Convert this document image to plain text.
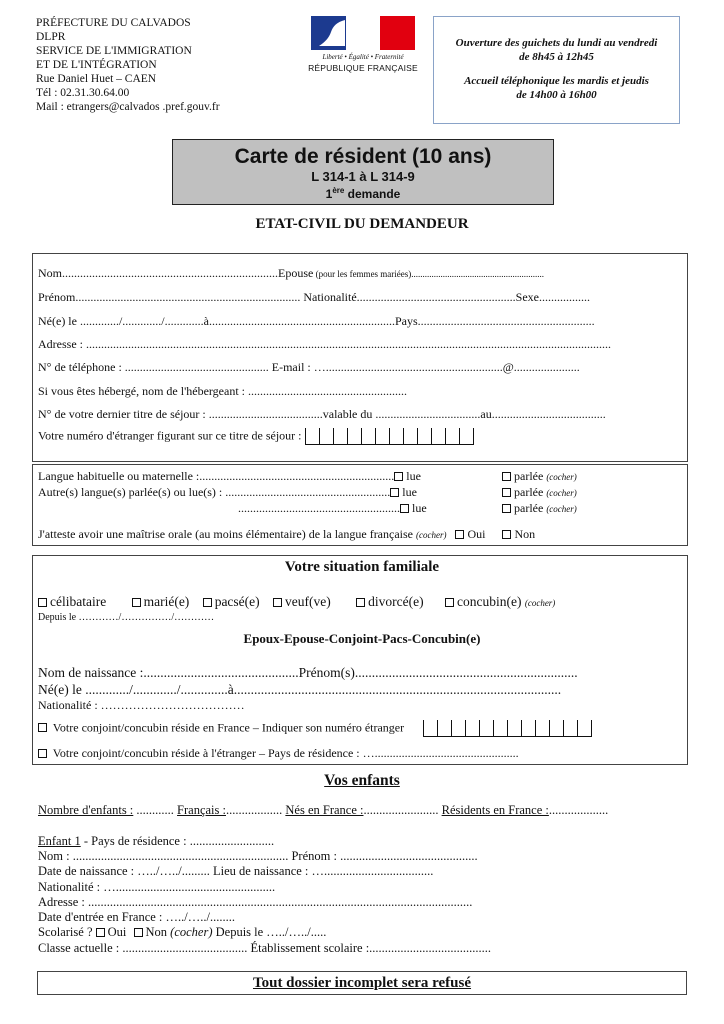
PRÉFECTURE DU CALVADOS
DLPR
SERVICE DE L'IMMIGRATION
ET DE L'INTÉGRATION
Rue Daniel Huet – CAEN
Tél : 02.31.30.64.00
Mail : etrangers@calvados .pref.gouv.fr
Liberté • Égalité • Fraternité
RÉPUBLIQUE FRANÇAISE

Ouverture des guichets du lundi au vendredi
de 8h45 à 12h45

Accueil téléphonique les mardis et jeudis
de 14h00 à 16h00

Carte de résident (10 ans)
L 314-1 à L 314-9
1ère demande
ETAT-CIVIL DU DEMANDEUR
Nom........................................................................Epouse (pour les femmes mariées)...........................................................
Prénom........................................................................... Nationalité.....................................................Sexe.................
Né(e) le ............./............./.............à..............................................................Pays...........................................................
Adresse : ...............................................................................................................................................................................
N° de téléphone : ................................................ E-mail : …...........................................................@......................
Si vous êtes hébergé, nom de l'hébergeant : .....................................................
N° de votre dernier titre de séjour : ......................................valable du ...................................au......................................
Votre numéro d'étranger figurant sur ce titre de séjour :
Langue habituelle ou maternelle :................................................................. lue	parlée (cocher)
Autre(s) langue(s) parlée(s) ou lue(s) : ....................................................... lue	parlée (cocher)
...................................................... lue	parlée (cocher)
J'atteste avoir une maîtrise orale (au moins élémentaire) de la langue française (cocher) Oui Non
Votre situation familiale
célibataire	marié(e) pacsé(e) veuf(ve)	divorcé(e) concubin(e) (cocher)
Depuis le …………/……………/…………
Epoux-Epouse-Conjoint-Pacs-Concubin(e)
Nom de naissance :..............................................Prénom(s)..................................................................
Né(e) le ............./............./..............à.................................................................................................
Nationalité : ………………………………
Votre conjoint/concubin réside en France – Indiquer son numéro étranger
Votre conjoint/concubin réside à l'étranger – Pays de résidence : …................................................
Vos enfants
Nombre d'enfants : ............ Français :.................. Nés en France :........................ Résidents en France :...................
Enfant 1 - Pays de résidence : ...........................
Nom : ..................................................................... Prénom : ............................................
Date de naissance : …../…../......... Lieu de naissance : …...................................
Nationalité : …...................................................
Adresse : ...........................................................................................................................
Date d'entrée en France : …../…../........
Scolarisé ? Oui Non (cocher) Depuis le …../…../.....
Classe actuelle : ........................................ Établissement scolaire :.......................................
Tout dossier incomplet sera refusé
